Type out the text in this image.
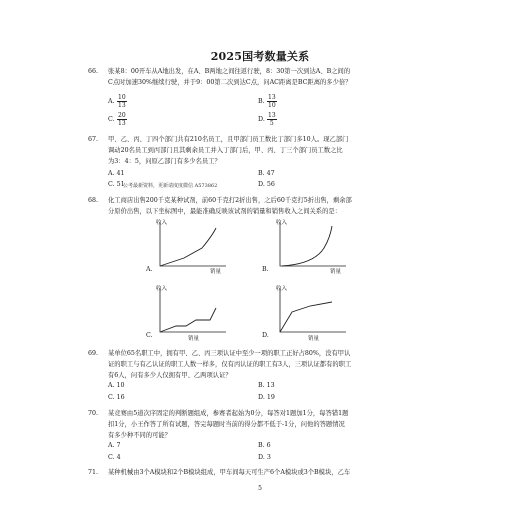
2025国考数量关系
66. 张某8：00开车从A地出发，在A、B两地之间往返行驶，8：30第一次到达A、B之间的
C点时加速30%继续行驶，并于9：00第二次到达C点，问AC距离是BC距离的多少倍？
A. $\frac{10}{13}$	B. $\frac{13}{10}$
C. $\frac{20}{13}$	D. $\frac{13}{5}$
67. 甲、乙、丙、丁四个部门共有210名员工，且甲部门员工数比丁部门多10人。现乙部门
调动20名员工到丙部门且其剩余员工并入丁部门后，甲、丙、丁三个部门员工数之比
为3：4：5，问原乙部门有多少名员工？
A. 41	B. 47
公考最新资料，更新请度度微信 A573862
C. 51	D. 56
68. 化工商店出售200千克某种试剂，前60千克打2折出售，之后60千克打5折出售，剩余部
分原价出售，以下坐标图中，最能准确反映该试剂的销量和销售收入之间关系的是：
收入
销量
A.
收入
销量
B.
收入
销量
C.
收入
销量
D.
69. 某单位65名职工中，拥有甲、乙、丙三项认证中至少一项的职工正好占80%，没有甲认
证的职工与有乙认证的职工人数一样多，仅有丙认证的职工有3人，三项认证都有的职工
有6人，问有多少人仅拥有甲、乙两项认证？
A. 10	B. 13
C. 16	D. 19
70. 某竞赛由5道次序固定的判断题组成，参赛者起始为0分，每答对1题加1分，每答错1题
扣1分，小王作答了所有试题，答完每题时当前的得分都不低于-1分，问他的答题情况
有多少种不同的可能？
A. 7	B. 6
C. 4	D. 3
71. 某种机械由3个A模块和2个B模块组成，甲车间每天可生产6个A模块或3个B模块，乙车
5
